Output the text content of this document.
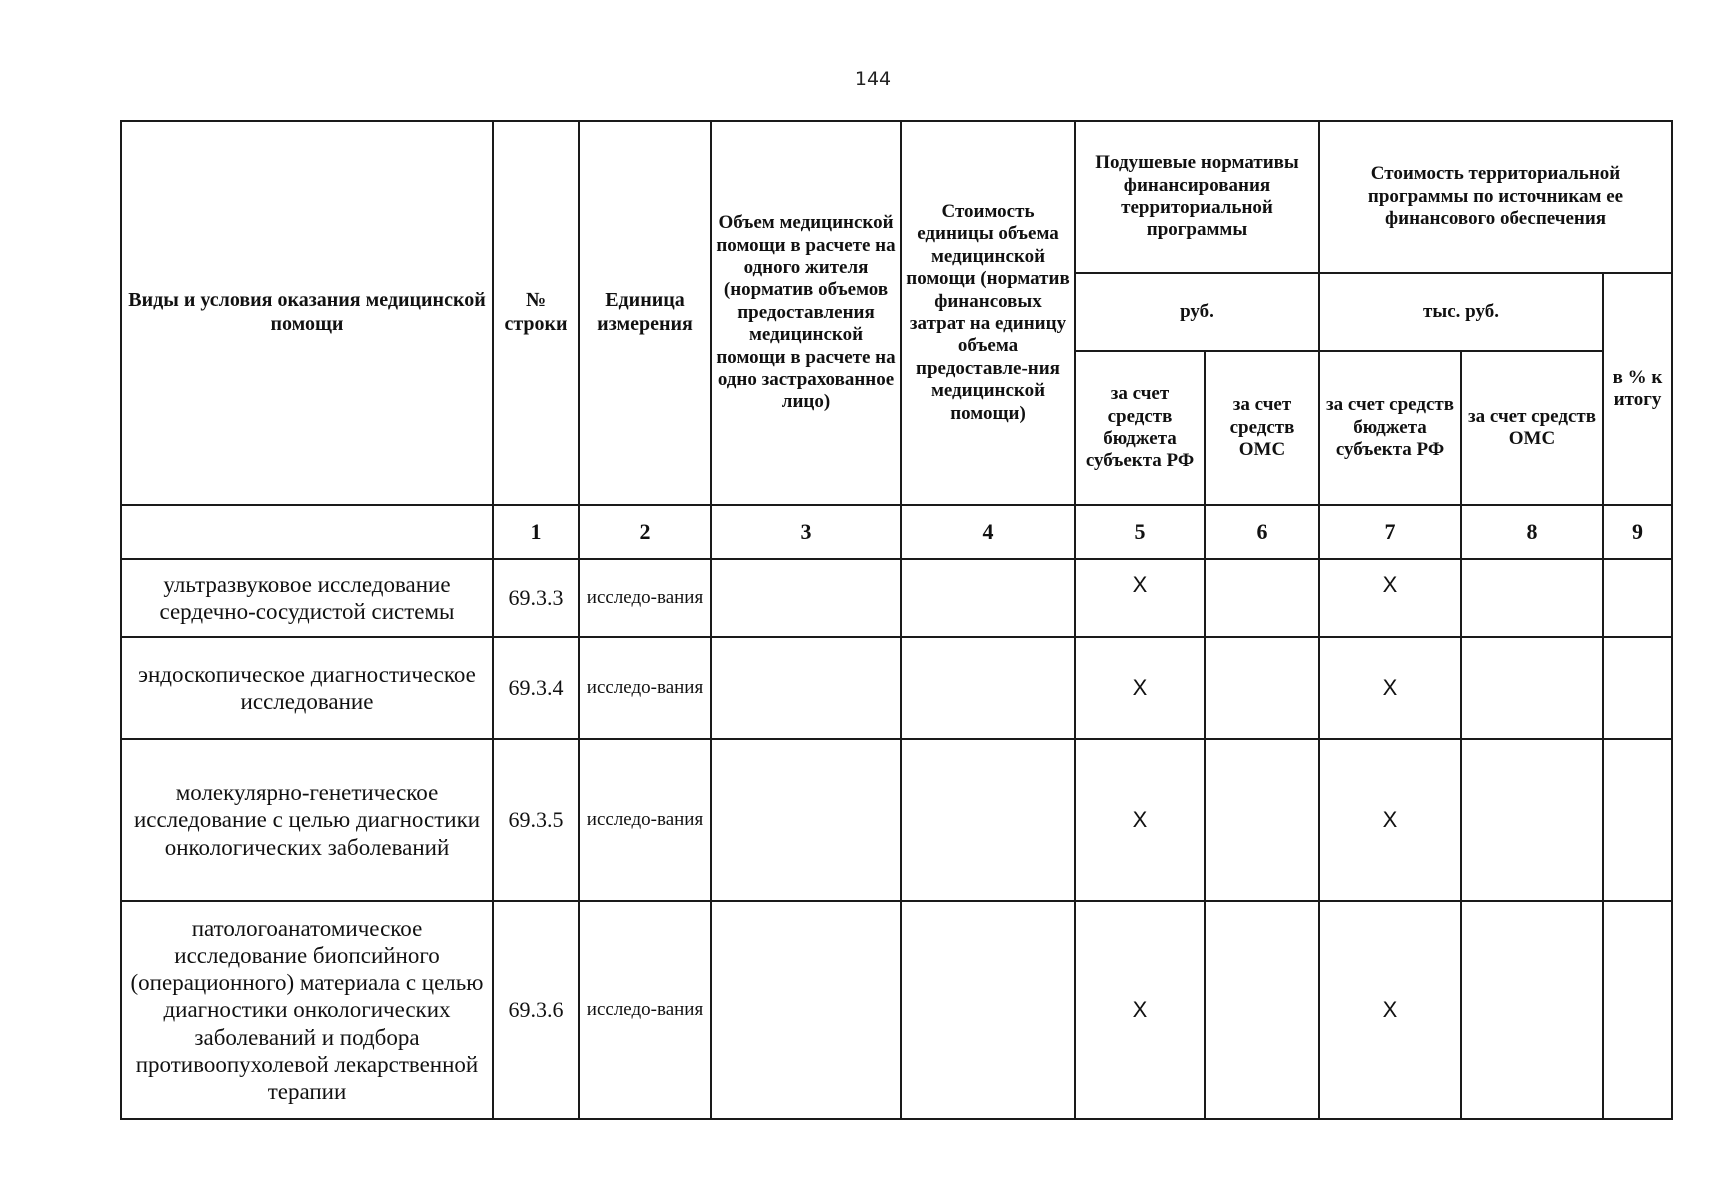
144
Виды и условия оказания медицинской помощи	№ строки	Единица измерения	Объем медицинской помощи в расчете на одного жителя (норматив объемов предоставления медицинской помощи в расчете на одно застрахованное лицо)	Стоимость единицы объема медицинской помощи (норматив финансовых затрат на единицу объема предоставле-ния медицинской помощи)	Подушевые нормативы финансирования территориальной программы		Стоимость территориальной программы по источникам ее финансового обеспечения		
					руб.		тыс. руб.		в % к итогу
					за счет средств бюджета субъекта РФ	за счет средств ОМС	за счет средств бюджета субъекта РФ	за счет средств ОМС	
	1	2	3	4	5	6	7	8	9
ультразвуковое исследование сердечно-сосудистой системы	69.3.3	исследо-вания			X		X		
эндоскопическое диагностическое исследование	69.3.4	исследо-вания			X		X		
молекулярно-генетическое исследование с целью диагностики онкологических заболеваний	69.3.5	исследо-вания			X		X		
патологоанатомическое исследование биопсийного (операционного) материала с целью диагностики онкологических заболеваний и подбора противоопухолевой лекарственной терапии	69.3.6	исследо-вания			X		X		
